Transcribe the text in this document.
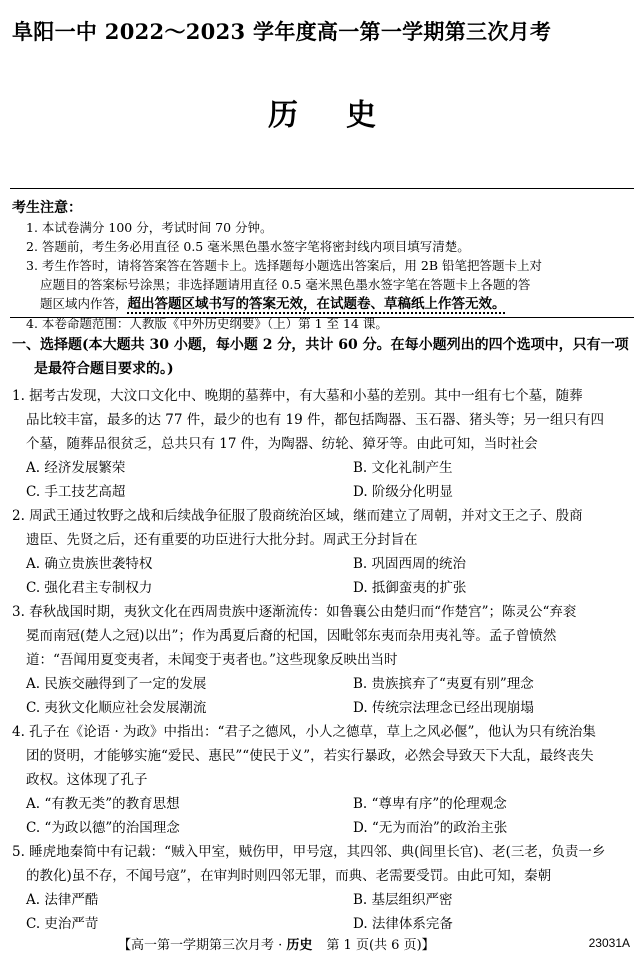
阜阳一中 2022～2023 学年度高一第一学期第三次月考
历史
考生注意：
1. 本试卷满分 100 分，考试时间 70 分钟。
2. 答题前，考生务必用直径 0.5 毫米黑色墨水签字笔将密封线内项目填写清楚。
3. 考生作答时，请将答案答在答题卡上。选择题每小题选出答案后，用 2B 铅笔把答题卡上对
应题目的答案标号涂黑；非选择题请用直径 0.5 毫米黑色墨水签字笔在答题卡上各题的答
题区域内作答，超出答题区域书写的答案无效，在试题卷、草稿纸上作答无效。
4. 本卷命题范围：人教版《中外历史纲要》（上）第 1 至 14 课。
一、选择题(本大题共 30 小题，每小题 2 分，共计 60 分。在每小题列出的四个选项中，只有一项
是最符合题目要求的。)
1. 据考古发现，大汶口文化中、晚期的墓葬中，有大墓和小墓的差别。其中一组有七个墓，随葬
品比较丰富，最多的达 77 件，最少的也有 19 件，都包括陶器、玉石器、猪头等；另一组只有四
个墓，随葬品很贫乏，总共只有 17 件，为陶器、纺轮、獐牙等。由此可知，当时社会
A. 经济发展繁荣	B. 文化礼制产生
C. 手工技艺高超	D. 阶级分化明显
2. 周武王通过牧野之战和后续战争征服了殷商统治区域，继而建立了周朝，并对文王之子、殷商
遗臣、先贤之后，还有重要的功臣进行大批分封。周武王分封旨在
A. 确立贵族世袭特权	B. 巩固西周的统治
C. 强化君主专制权力	D. 抵御蛮夷的扩张
3. 春秋战国时期，夷狄文化在西周贵族中逐渐流传：如鲁襄公由楚归而“作楚宫”；陈灵公“弃衮
冕而南冠(楚人之冠)以出”；作为禹夏后裔的杞国，因毗邻东夷而杂用夷礼等。孟子曾愤然
道：“吾闻用夏变夷者，未闻变于夷者也。”这些现象反映出当时
A. 民族交融得到了一定的发展	B. 贵族摈弃了“夷夏有别”理念
C. 夷狄文化顺应社会发展潮流	D. 传统宗法理念已经出现崩塌
4. 孔子在《论语 · 为政》中指出：“君子之德风，小人之德草，草上之风必偃”，他认为只有统治集
团的贤明，才能够实施“爱民、惠民”“使民于义”，若实行暴政，必然会导致天下大乱，最终丧失
政权。这体现了孔子
A. “有教无类”的教育思想	B. “尊卑有序”的伦理观念
C. “为政以德”的治国理念	D. “无为而治”的政治主张
5. 睡虎地秦简中有记载：“贼入甲室，贼伤甲，甲号寇，其四邻、典(闾里长官)、老(三老，负责一乡
的教化)虽不存，不闻号寇”，在审判时则四邻无罪，而典、老需要受罚。由此可知，秦朝
A. 法律严酷	B. 基层组织严密
C. 吏治严苛	D. 法律体系完备
【高一第一学期第三次月考 · 历史 第 1 页(共 6 页)】	23031A
